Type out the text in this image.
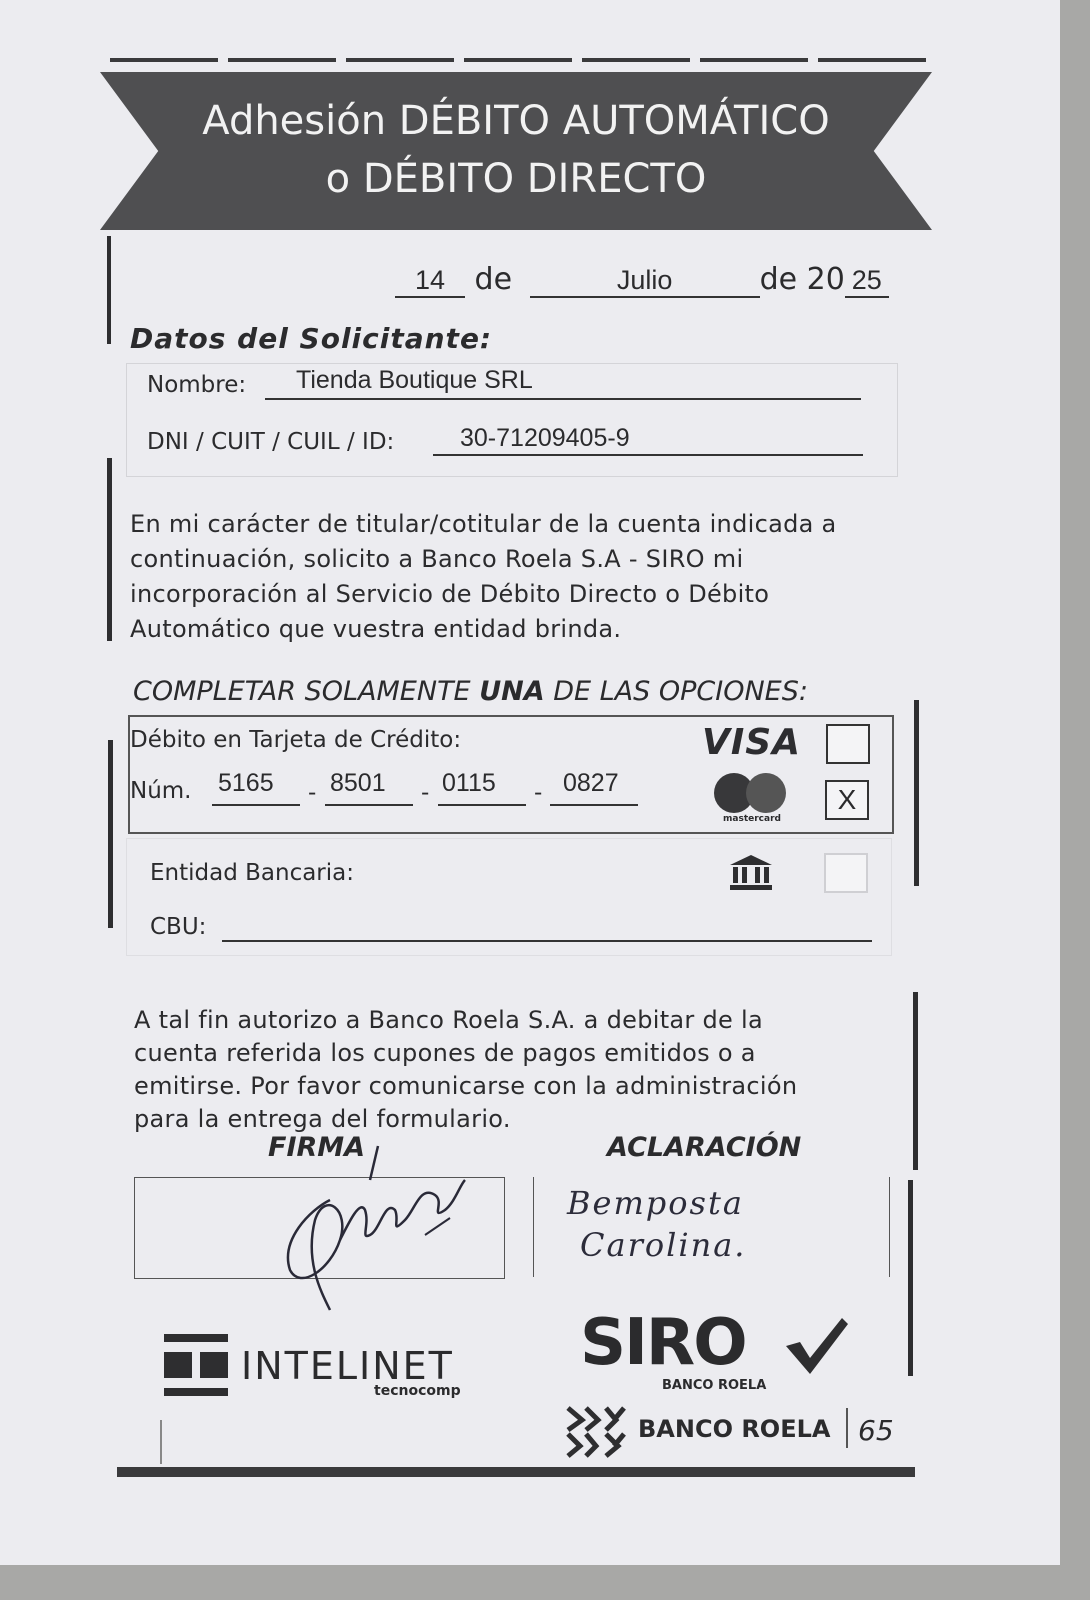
Adhesión DÉBITO AUTOMÁTICO
o DÉBITO DIRECTO
14 de	Julio	de 20 25
Datos del Solicitante:
Nombre: Tienda Boutique SRL
DNI / CUIT / CUIL / ID:	30-71209405-9
En mi carácter de titular/cotitular de la cuenta indicada a
continuación, solicito a Banco Roela S.A - SIRO mi
incorporación al Servicio de Débito Directo o Débito
Automático que vuestra entidad brinda.
COMPLETAR SOLAMENTE UNA DE LAS OPCIONES:
Débito en Tarjeta de Crédito:	VISA
Núm. 5165 - 8501 - 0115 - 0827
mastercard
X
Entidad Bancaria:
CBU:
A tal fin autorizo a Banco Roela S.A. a debitar de la
cuenta referida los cupones de pagos emitidos o a
emitirse. Por favor comunicarse con la administración
para la entrega del formulario.
FIRMA	ACLARACIÓN
Bemposta
Carolina.
INTELINET
tecnocomp
SIRO
BANCO ROELA
BANCO ROELA 65
